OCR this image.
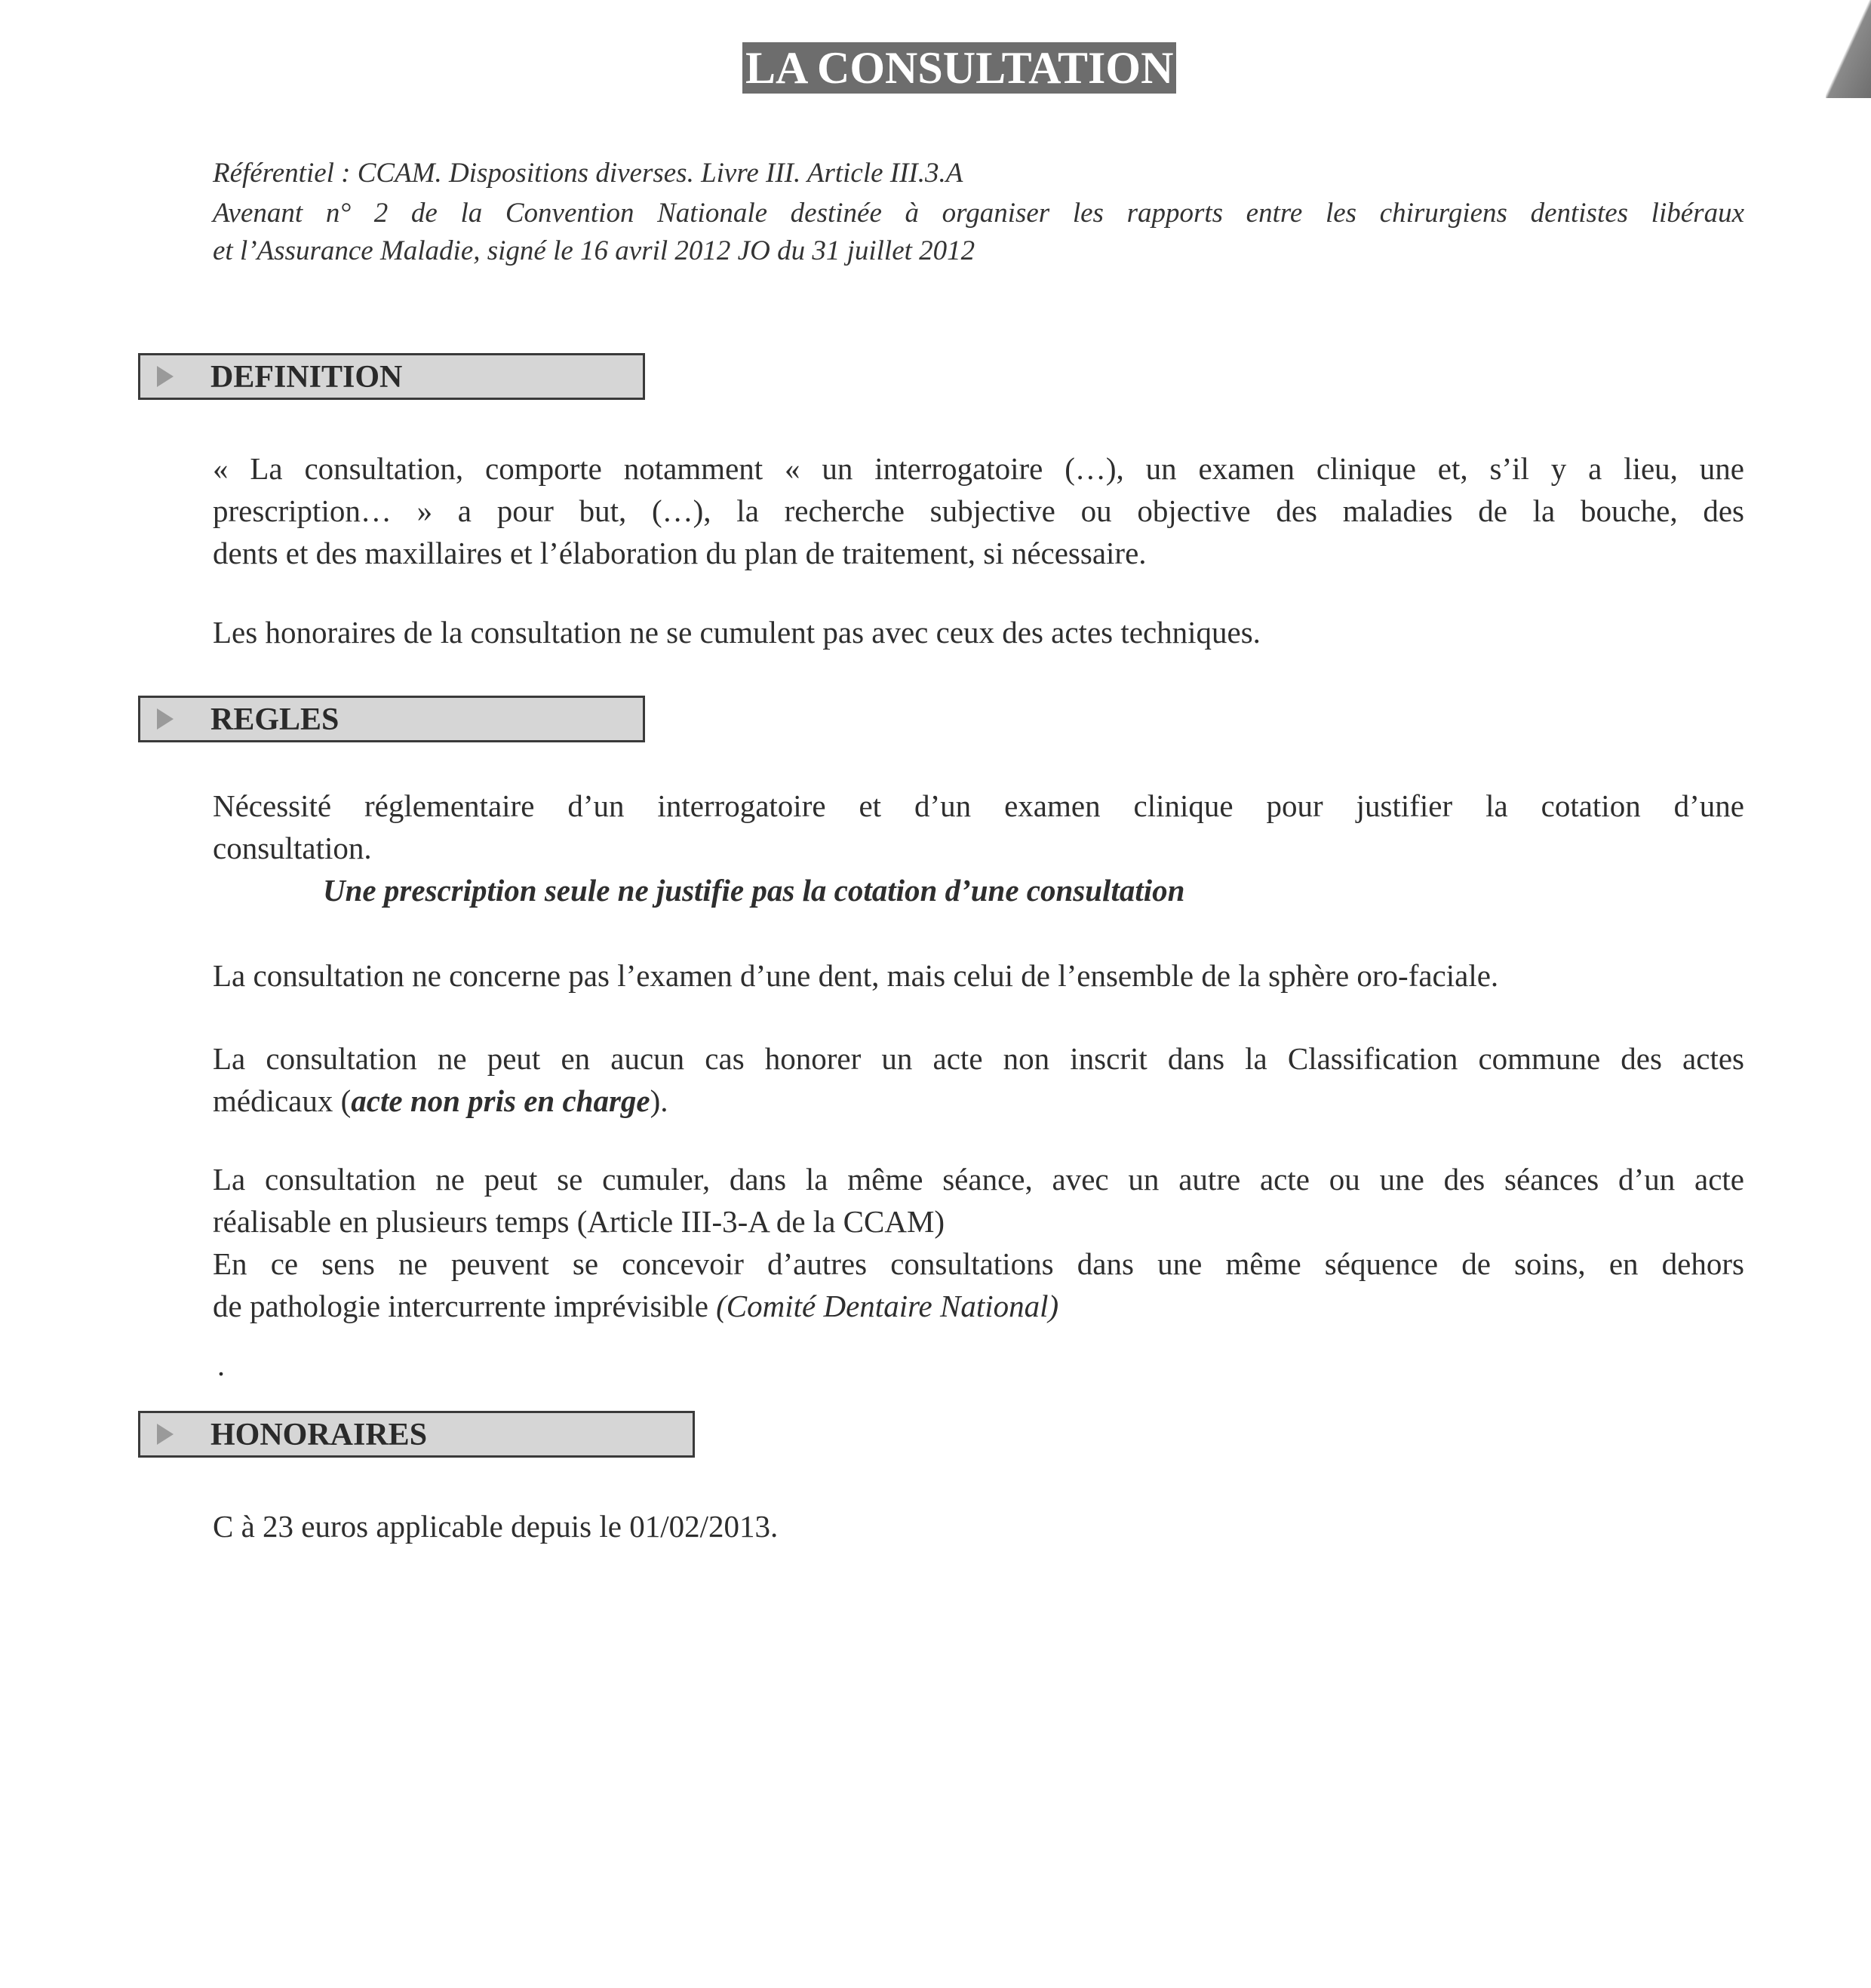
LA CONSULTATION
Référentiel : CCAM. Dispositions diverses. Livre III. Article III.3.A
Avenant n° 2 de la Convention Nationale destinée à organiser les rapports entre les chirurgiens dentistes libéraux
et l’Assurance Maladie, signé le 16 avril 2012 JO du 31 juillet 2012
DEFINITION
« La consultation, comporte notamment « un interrogatoire (…), un examen clinique et, s’il y a lieu, une
prescription… » a pour but, (…), la recherche subjective ou objective des maladies de la bouche, des
dents et des maxillaires et l’élaboration du plan de traitement, si nécessaire.
Les honoraires de la consultation ne se cumulent pas avec ceux des actes techniques.
REGLES
Nécessité réglementaire d’un interrogatoire et d’un examen clinique pour justifier la cotation d’une
consultation.
Une prescription seule ne justifie pas la cotation d’une consultation
La consultation ne concerne pas l’examen d’une dent, mais celui de l’ensemble de la sphère oro-faciale.
La consultation ne peut en aucun cas honorer un acte non inscrit dans la Classification commune des actes
médicaux (acte non pris en charge).
La consultation ne peut se cumuler, dans la même séance, avec un autre acte ou une des séances d’un acte
réalisable en plusieurs temps (Article III-3-A de la CCAM)
En ce sens ne peuvent se concevoir d’autres consultations dans une même séquence de soins, en dehors
de pathologie intercurrente imprévisible (Comité Dentaire National)
.
HONORAIRES
C à 23 euros applicable depuis le 01/02/2013.
